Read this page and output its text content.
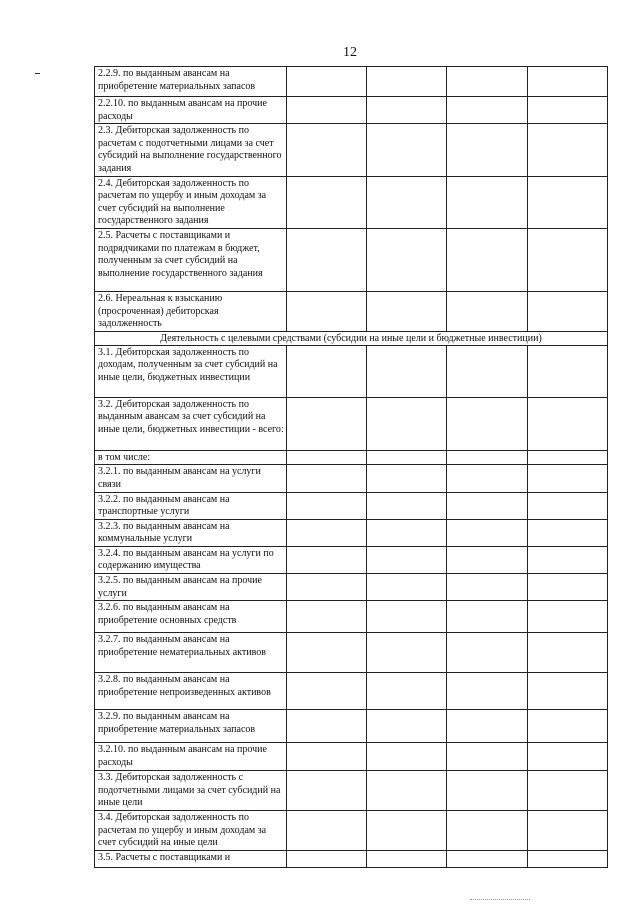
12
2.2.9. по выданным авансам на приобретение материальных запасов				
2.2.10. по выданным авансам на прочие расходы				
2.3. Дебиторская задолженность по расчетам с подотчетными лицами за счет субсидий на выполнение государственного задания				
2.4. Дебиторская задолженность по расчетам по ущербу и иным доходам за счет субсидий на выполнение государственного задания				
2.5. Расчеты с поставщиками и подрядчиками по платежам в бюджет, полученным за счет субсидий на выполнение государственного задания				
2.6. Нереальная к взысканию (просроченная) дебиторская задолженность				
Деятельность с целевыми средствами (субсидии на иные цели и бюджетные инвестиции)				
3.1. Дебиторская задолженность по доходам, полученным за счет субсидий на иные цели, бюджетных инвестиции				
3.2. Дебиторская задолженность по выданным авансам за счет субсидий на иные цели, бюджетных инвестиции - всего:				
в том числе:				
3.2.1. по выданным авансам на услуги связи				
3.2.2. по выданным авансам на транспортные услуги				
3.2.3. по выданным авансам на коммунальные услуги				
3.2.4. по выданным авансам на услуги по содержанию имущества				
3.2.5. по выданным авансам на прочие услуги				
3.2.6. по выданным авансам на приобретение основных средств				
3.2.7. по выданным авансам на приобретение нематериальных активов				
3.2.8. по выданным авансам на приобретение непроизведенных активов				
3.2.9. по выданным авансам на приобретение материальных запасов				
3.2.10. по выданным авансам на прочие расходы				
3.3. Дебиторская задолженность с подотчетными лицами за счет субсидий на иные цели				
3.4. Дебиторская задолженность по расчетам по ущербу и иным доходам за счет субсидий на иные цели				
3.5. Расчеты с поставщиками и				
